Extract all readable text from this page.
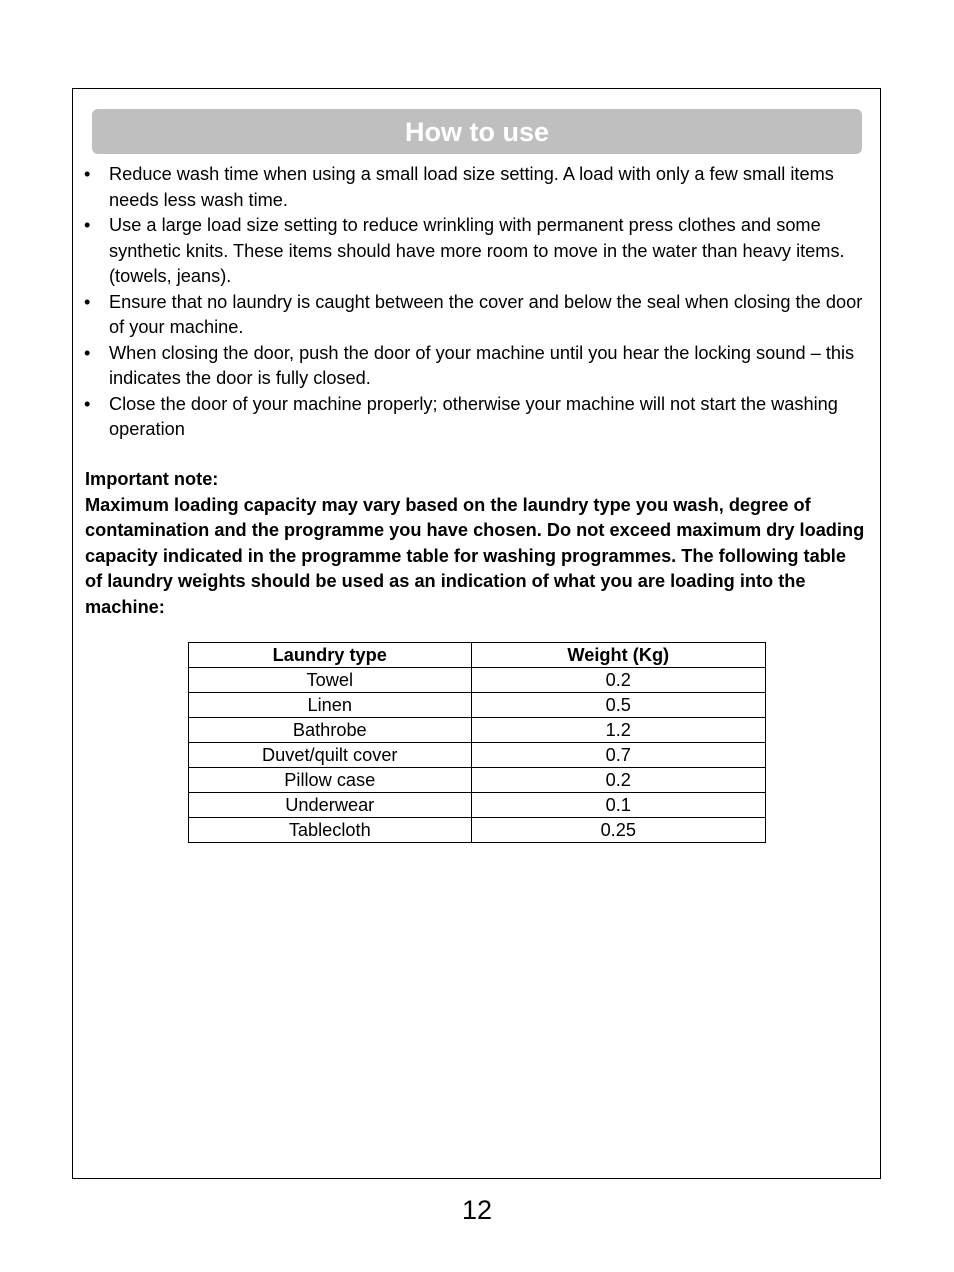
How to use
• Reduce wash time when using a small load size setting. A load with only a few small items needs less wash time.
• Use a large load size setting to reduce wrinkling with permanent press clothes and some synthetic knits. These items should have more room to move in the water than heavy items. (towels, jeans).
• Ensure that no laundry is caught between the cover and below the seal when closing the door of your machine.
• When closing the door, push the door of your machine until you hear the locking sound – this indicates the door is fully closed.
• Close the door of your machine properly; otherwise your machine will not start the washing operation

Important note:

Maximum loading capacity may vary based on the laundry type you wash, degree of contamination and the programme you have chosen. Do not exceed maximum dry loading capacity indicated in the programme table for washing programmes. The following table of laundry weights should be used as an indication of what you are loading into the machine:

Laundry type	Weight (Kg)
Towel	0.2
Linen	0.5
Bathrobe	1.2
Duvet/quilt cover	0.7
Pillow case	0.2
Underwear	0.1
Tablecloth	0.25
12
